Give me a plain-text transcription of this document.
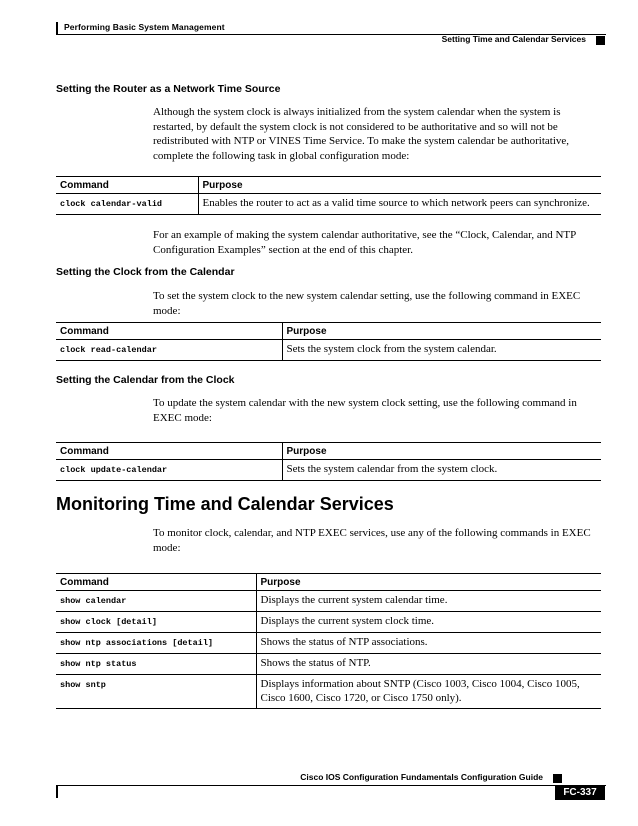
Performing Basic System Management
Setting Time and Calendar Services
Setting the Router as a Network Time Source

Although the system clock is always initialized from the system calendar when the system is restarted, by default the system clock is not considered to be authoritative and so will not be redistributed with NTP or VINES Time Service. To make the system calendar be authoritative, complete the following task in global configuration mode:

Command	Purpose
clock calendar-valid	Enables the router to act as a valid time source to which network peers can synchronize.

For an example of making the system calendar authoritative, see the “Clock, Calendar, and NTP Configuration Examples” section at the end of this chapter.

Setting the Clock from the Calendar

To set the system clock to the new system calendar setting, use the following command in EXEC mode:

Command	Purpose
clock read-calendar	Sets the system clock from the system calendar.
Setting the Calendar from the Clock

To update the system calendar with the new system clock setting, use the following command in EXEC mode:

Command	Purpose
clock update-calendar	Sets the system calendar from the system clock.
Monitoring Time and Calendar Services

To monitor clock, calendar, and NTP EXEC services, use any of the following commands in EXEC mode:

Command	Purpose
show calendar	Displays the current system calendar time.
show clock [detail]	Displays the current system clock time.
show ntp associations [detail]	Shows the status of NTP associations.
show ntp status	Shows the status of NTP.
show sntp	Displays information about SNTP (Cisco 1003, Cisco 1004, Cisco 1005, Cisco 1600, Cisco 1720, or Cisco 1750 only).
Cisco IOS Configuration Fundamentals Configuration Guide
FC-337
